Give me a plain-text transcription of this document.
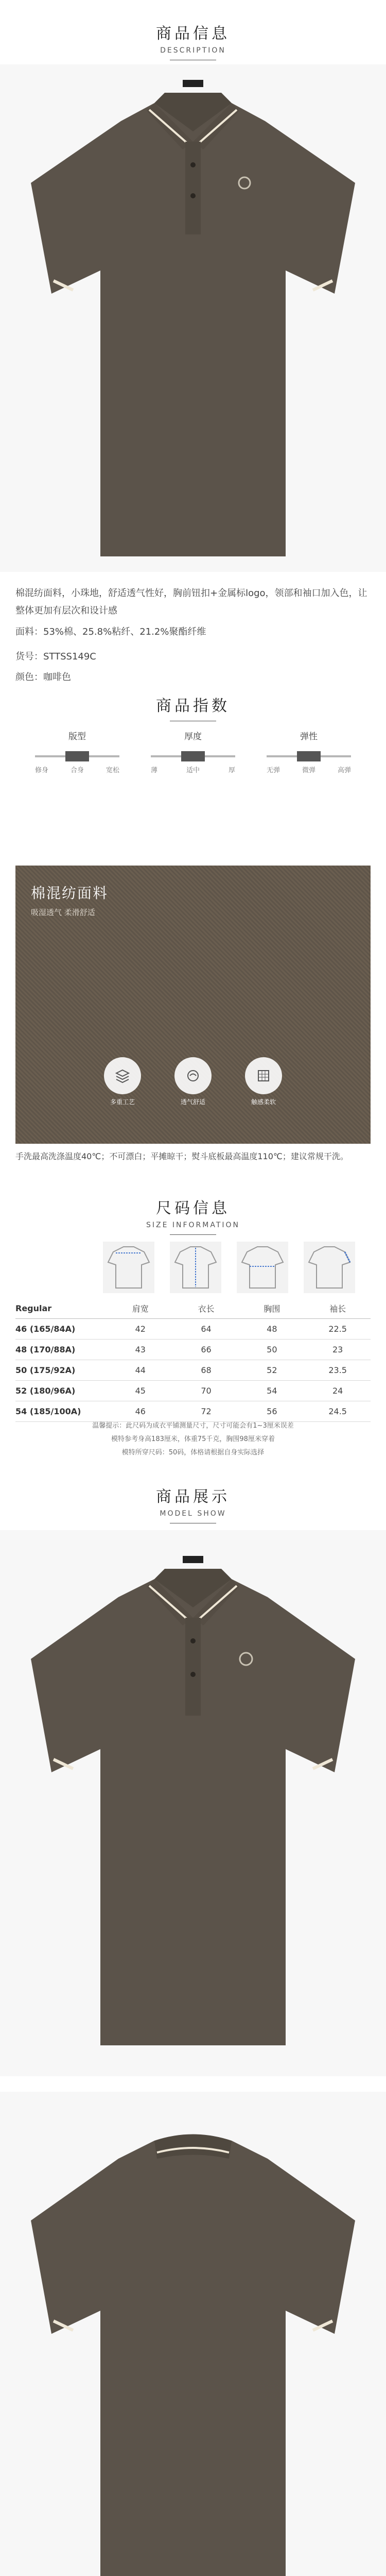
商品信息
DESCRIPTION
棉混纺面料，小珠地，舒适透气性好，胸前钮扣+金属标logo，领部和袖口加入色，让整体更加有层次和设计感
面料：53%棉、25.8%粘纤、21.2%聚酯纤维
货号：STTSS149C
颜色：咖啡色
商品指数
版型
修身	合身	宽松
厚度
薄	适中	厚
弹性
无弹	微弹	高弹
棉混纺面料
吸湿透气 柔滑舒适
多重工艺	透气舒适	触感柔软
手洗最高洗涤温度40℃；不可漂白；平摊晾干；熨斗底板最高温度110℃；建议常规干洗。
尺码信息
SIZE INFORMATION
Regular	肩宽	衣长	胸围	袖长
46 (165/84A)	42	64	48	22.5
48 (170/88A)	43	66	50	23
50 (175/92A)	44	68	52	23.5
52 (180/96A)	45	70	54	24
54 (185/100A)	46	72	56	24.5
温馨提示：此尺码为成衣平铺测量尺寸，尺寸可能会有1~3厘米误差
模特参考身高183厘米，体重75千克，胸围98厘米穿着
模特所穿尺码：50码，体格请根据自身实际选择
商品展示
MODEL SHOW
